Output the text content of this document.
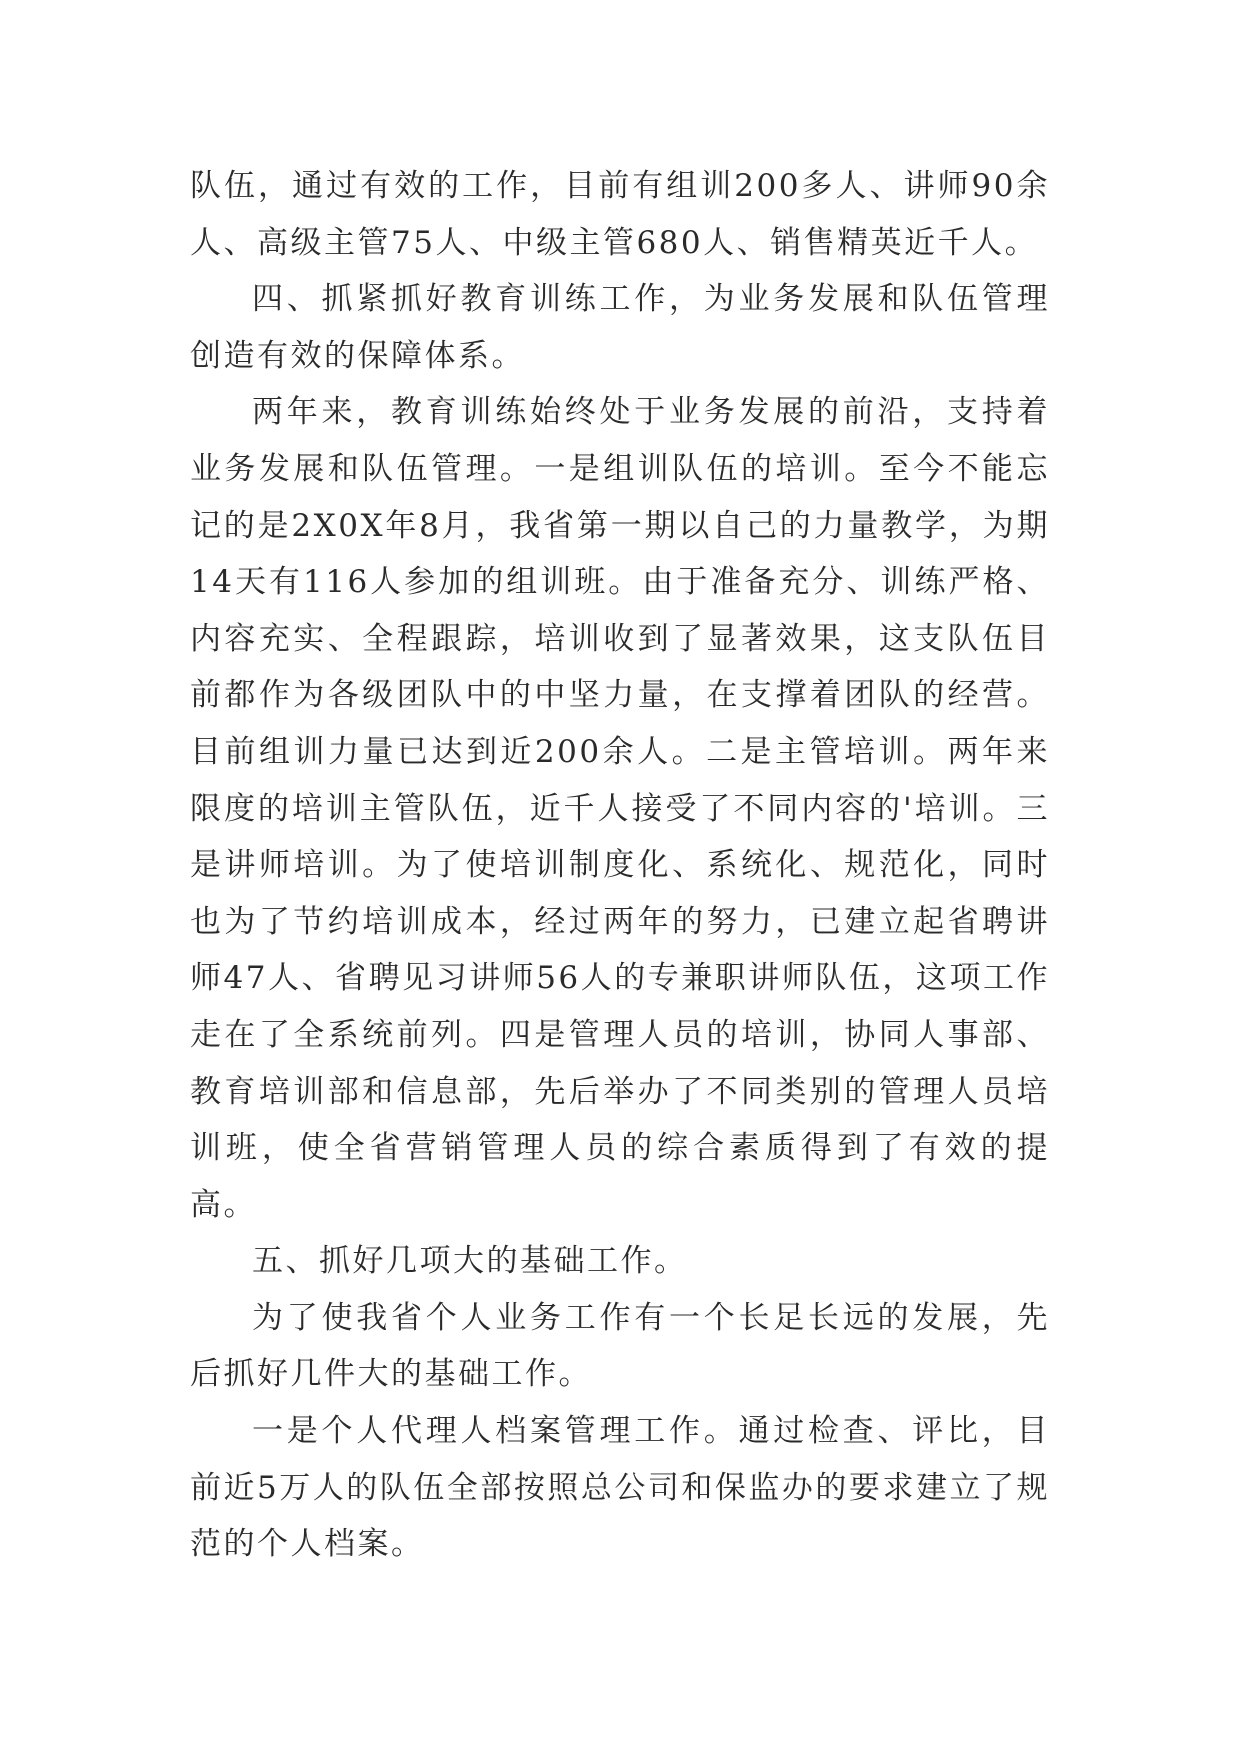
队伍，通过有效的工作，目前有组训200多人、讲师90余人、高级主管75人、中级主管680人、销售精英近千人。

四、抓紧抓好教育训练工作，为业务发展和队伍管理创造有效的保障体系。

两年来，教育训练始终处于业务发展的前沿，支持着业务发展和队伍管理。一是组训队伍的培训。至今不能忘记的是2X0X年8月，我省第一期以自己的力量教学，为期14天有116人参加的组训班。由于准备充分、训练严格、内容充实、全程跟踪，培训收到了显著效果，这支队伍目前都作为各级团队中的中坚力量，在支撑着团队的经营。目前组训力量已达到近200余人。二是主管培训。两年来限度的培训主管队伍，近千人接受了不同内容的'培训。三是讲师培训。为了使培训制度化、系统化、规范化，同时也为了节约培训成本，经过两年的努力，已建立起省聘讲师47人、省聘见习讲师56人的专兼职讲师队伍，这项工作走在了全系统前列。四是管理人员的培训，协同人事部、教育培训部和信息部，先后举办了不同类别的管理人员培训班，使全省营销管理人员的综合素质得到了有效的提高。

五、抓好几项大的基础工作。

为了使我省个人业务工作有一个长足长远的发展，先后抓好几件大的基础工作。

一是个人代理人档案管理工作。通过检查、评比，目前近5万人的队伍全部按照总公司和保监办的要求建立了规范的个人档案。
